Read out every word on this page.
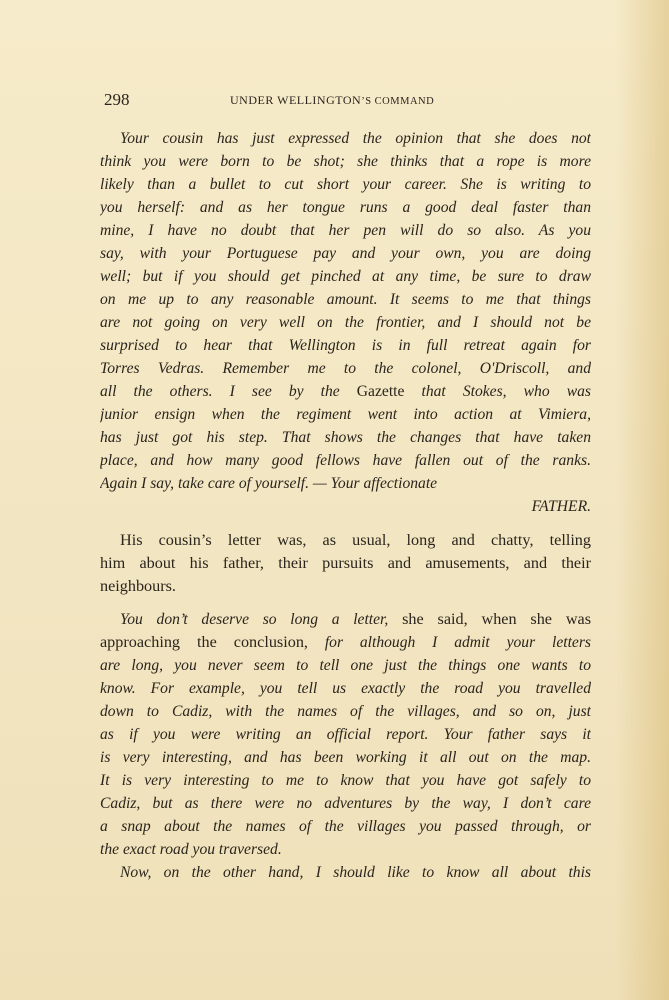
298	UNDER WELLINGTON’S COMMAND
Your cousin has just expressed the opinion that she does not
think you were born to be shot; she thinks that a rope is more
likely than a bullet to cut short your career. She is writing to
you herself: and as her tongue runs a good deal faster than
mine, I have no doubt that her pen will do so also. As you
say, with your Portuguese pay and your own, you are doing
well; but if you should get pinched at any time, be sure to draw
on me up to any reasonable amount. It seems to me that things
are not going on very well on the frontier, and I should not be
surprised to hear that Wellington is in full retreat again for
Torres Vedras. Remember me to the colonel, O'Driscoll, and
all the others. I see by the Gazette that Stokes, who was
junior ensign when the regiment went into action at Vimiera,
has just got his step. That shows the changes that have taken
place, and how many good fellows have fallen out of the ranks.
Again I say, take care of yourself. — Your affectionate
FATHER.
His cousin’s letter was, as usual, long and chatty, telling
him about his father, their pursuits and amusements, and their
neighbours.
You don’t deserve so long a letter, she said, when she was
approaching the conclusion, for although I admit your letters
are long, you never seem to tell one just the things one wants to
know. For example, you tell us exactly the road you travelled
down to Cadiz, with the names of the villages, and so on, just
as if you were writing an official report. Your father says it
is very interesting, and has been working it all out on the map.
It is very interesting to me to know that you have got safely to
Cadiz, but as there were no adventures by the way, I don’t care
a snap about the names of the villages you passed through, or
the exact road you traversed.
Now, on the other hand, I should like to know all about this
